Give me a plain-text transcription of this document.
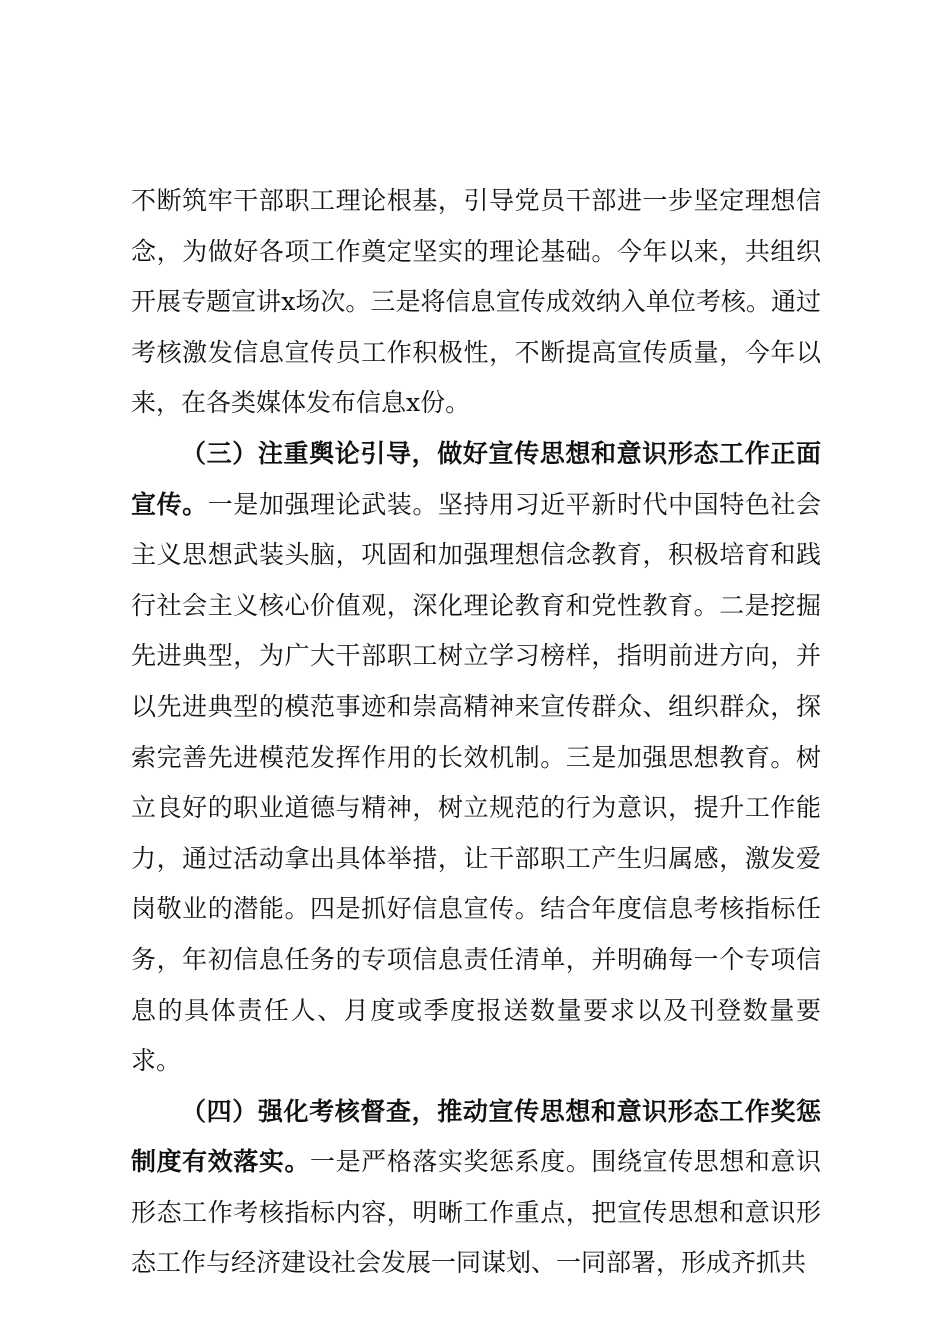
不断筑牢干部职工理论根基，引导党员干部进一步坚定理想信念，为做好各项工作奠定坚实的理论基础。今年以来，共组织开展专题宣讲x场次。三是将信息宣传成效纳入单位考核。通过考核激发信息宣传员工作积极性，不断提高宣传质量，今年以来，在各类媒体发布信息x份。

（三）注重舆论引导，做好宣传思想和意识形态工作正面宣传。一是加强理论武装。坚持用习近平新时代中国特色社会主义思想武装头脑，巩固和加强理想信念教育，积极培育和践行社会主义核心价值观，深化理论教育和党性教育。二是挖掘先进典型，为广大干部职工树立学习榜样，指明前进方向，并以先进典型的模范事迹和崇高精神来宣传群众、组织群众，探索完善先进模范发挥作用的长效机制。三是加强思想教育。树立良好的职业道德与精神，树立规范的行为意识，提升工作能力，通过活动拿出具体举措，让干部职工产生归属感，激发爱岗敬业的潜能。四是抓好信息宣传。结合年度信息考核指标任务，年初信息任务的专项信息责任清单，并明确每一个专项信息的具体责任人、月度或季度报送数量要求以及刊登数量要求。

（四）强化考核督查，推动宣传思想和意识形态工作奖惩制度有效落实。一是严格落实奖惩系度。围绕宣传思想和意识形态工作考核指标内容，明晰工作重点，把宣传思想和意识形态工作与经济建设社会发展一同谋划、一同部署，形成齐抓共
